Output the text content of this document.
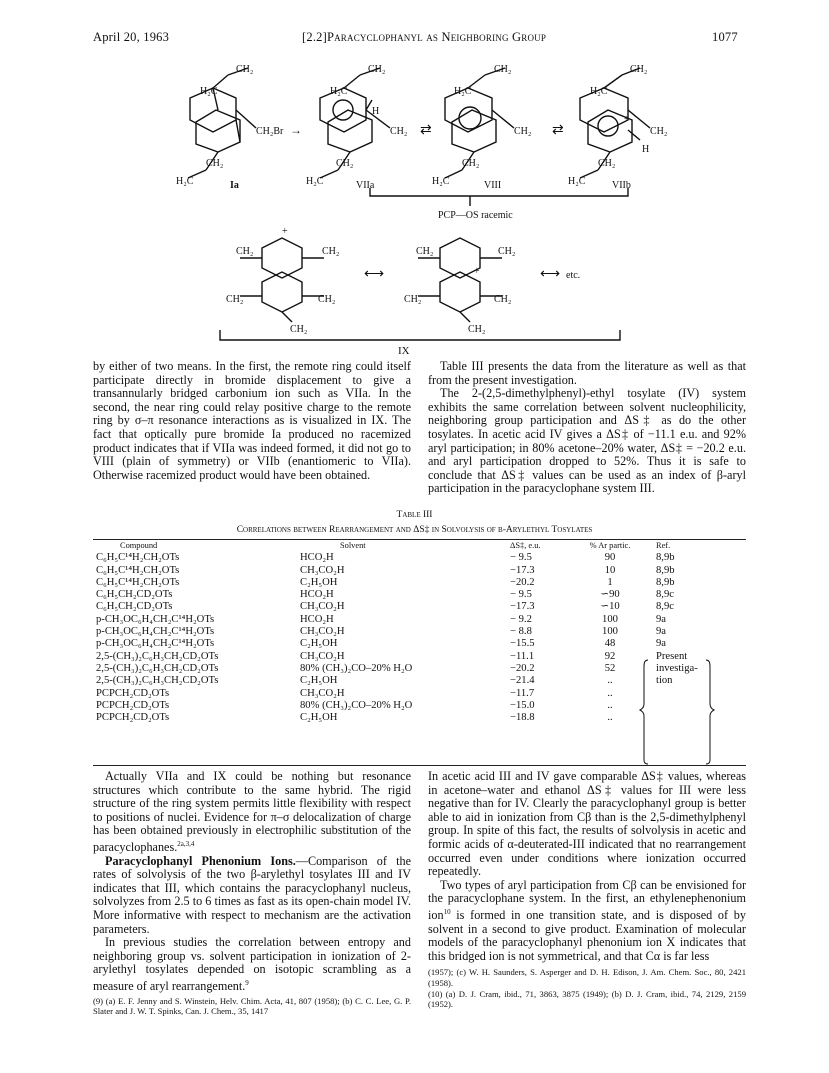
April 20, 1963	[2.2]Paracyclophanyl as Neighboring Group	1077
CH₂
H₂C
CH₂Br
CH₂
H₂C	Ia
→
CH₂
H₂C
H
CH₂
CH₂
H₂C	VIIa
⇄
CH₂
H₂C
CH₂
CH₂
H₂C	VIII
⇄
CH₂
H₂C
CH₂
+
H
CH₂
H₂C	VIIb
PCP—OS racemic
+
CH₂	CH₂
CH₂	CH₂
CH₂
⟷
CH₂	CH₂
+
CH₂	CH₂
CH₂
⟷ etc.
IX

by either of two means. In the first, the remote ring could itself participate directly in bromide displacement to give a transannularly bridged carbonium ion such as VIIa. In the second, the near ring could relay positive charge to the remote ring by σ–π resonance interactions as is visualized in IX. The fact that optically pure bromide Ia produced no racemized product indicates that if VIIa was indeed formed, it did not go to VIII (plain of symmetry) or VIIb (enantiomeric to VIIa). Otherwise racemized product would have been obtained.

Table III presents the data from the literature as well as that from the present investigation.

The 2-(2,5-dimethylphenyl)-ethyl tosylate (IV) system exhibits the same correlation between solvent nucleophilicity, neighboring group participation and ΔS‡ as do the other tosylates. In acetic acid IV gives a ΔS‡ of −11.1 e.u. and 92% aryl participation; in 80% acetone–20% water, ΔS‡ = −20.2 e.u. and aryl participation dropped to 52%. Thus it is safe to conclude that ΔS‡ values can be used as an index of β-aryl participation in the paracyclophane system III.

Table III
Correlations between Rearrangement and ΔS‡ in Solvolysis of β-Arylethyl Tosylates
Compound	Solvent	ΔS‡, e.u.	% Ar partic.	Ref.
C₆H₅C¹⁴H₂CH₂OTs	HCO₂H	− 9.5	90	8,9b
C₆H₅C¹⁴H₂CH₂OTs	CH₃CO₂H	−17.3	10	8,9b
C₆H₅C¹⁴H₂CH₂OTs	C₂H₅OH	−20.2	1	8,9b
C₆H₅CH₂CD₂OTs	HCO₂H	− 9.5	∽90	8,9c
C₆H₅CH₂CD₂OTs	CH₃CO₂H	−17.3	∽10	8,9c
p-CH₃OC₆H₄CH₂C¹⁴H₂OTs	HCO₂H	− 9.2	100	9a
p-CH₃OC₆H₄CH₂C¹⁴H₂OTs	CH₃CO₂H	− 8.8	100	9a
p-CH₃OC₆H₄CH₂C¹⁴H₂OTs	C₂H₅OH	−15.5	48	9a
2,5-(CH₃)₂C₆H₃CH₂CD₂OTs	CH₃CO₂H	−11.1	92	Present
2,5-(CH₃)₂C₆H₃CH₂CD₂OTs	80% (CH₃)₂CO–20% H₂O	−20.2	52	investiga-
2,5-(CH₃)₂C₆H₃CH₂CD₂OTs	C₂H₅OH	−21.4	..	tion
PCPCH₂CD₂OTs	CH₃CO₂H	−11.7	..	
PCPCH₂CD₂OTs	80% (CH₃)₂CO–20% H₂O	−15.0	..	
PCPCH₂CD₂OTs	C₂H₅OH	−18.8	..	

Actually VIIa and IX could be nothing but resonance structures which contribute to the same hybrid. The rigid structure of the ring system permits little flexibility with respect to positions of nuclei. Evidence for π–σ delocalization of charge has been obtained previously in electrophilic substitution of the paracyclophanes.$^{2a,3,4}$

Paracyclophanyl Phenonium Ions.—Comparison of the rates of solvolysis of the two β-arylethyl tosylates III and IV indicates that III, which contains the paracyclophanyl nucleus, solvolyzes from 2.5 to 6 times as fast as its open-chain model IV. More informative with respect to mechanism are the activation parameters.

In previous studies the correlation between entropy and neighboring group vs. solvent participation in ionization of 2-arylethyl tosylates depended on isotopic scrambling as a measure of aryl rearrangement.$^9$

(9) (a) E. F. Jenny and S. Winstein, Helv. Chim. Acta, 41, 807 (1958); (b) C. C. Lee, G. P. Slater and J. W. T. Spinks, Can. J. Chem., 35, 1417

In acetic acid III and IV gave comparable ΔS‡ values, whereas in acetone–water and ethanol ΔS‡ values for III were less negative than for IV. Clearly the paracyclophanyl group is better able to aid in ionization from Cβ than is the 2,5-dimethylphenyl group. In spite of this fact, the results of solvolysis in acetic and formic acids of α-deuterated-III indicated that no rearrangement occurred even under conditions where ionization occurred repeatedly.

Two types of aryl participation from Cβ can be envisioned for the paracyclophane system. In the first, an ethylenephenonium ion$^{10}$ is formed in one transition state, and is disposed of by solvent in a second to give product. Examination of molecular models of the paracyclophanyl phenonium ion X indicates that this bridged ion is not symmetrical, and that Cα is far less

(1957); (c) W. H. Saunders, S. Asperger and D. H. Edison, J. Am. Chem. Soc., 80, 2421 (1958).

(10) (a) D. J. Cram, ibid., 71, 3863, 3875 (1949); (b) D. J. Cram, ibid., 74, 2129, 2159 (1952).
